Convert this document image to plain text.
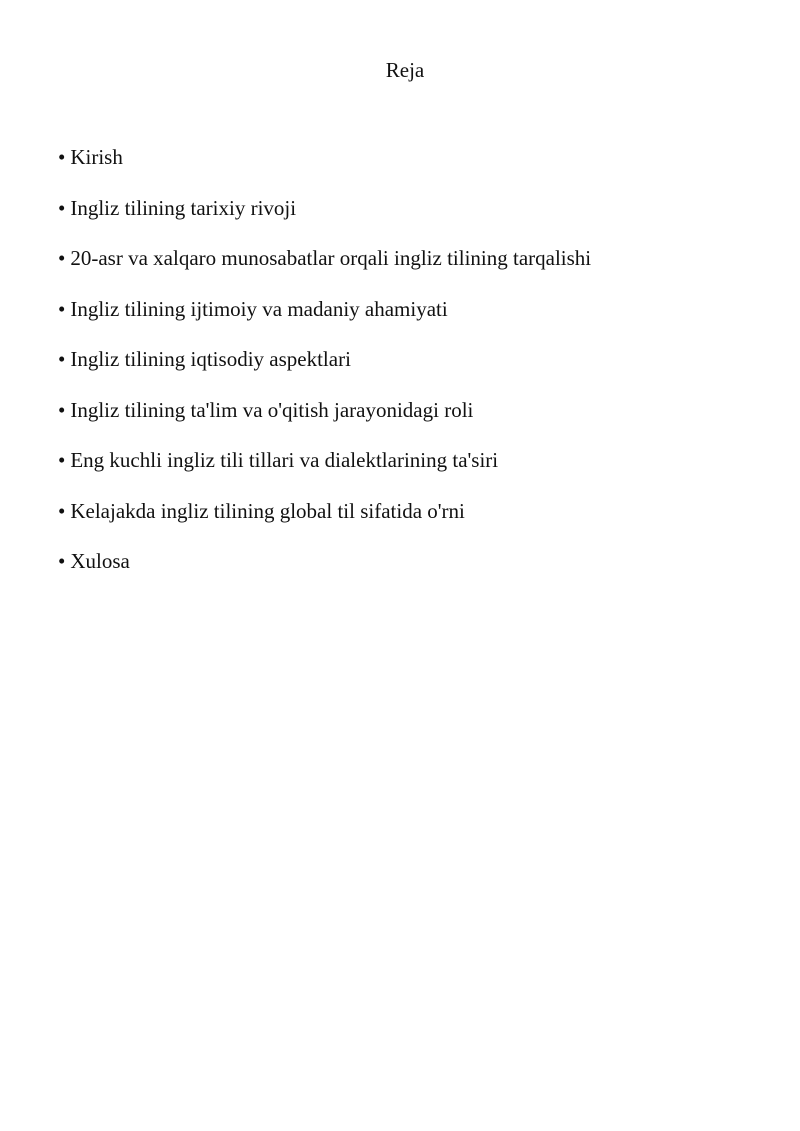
Reja
• Kirish
• Ingliz tilining tarixiy rivoji
• 20-asr va xalqaro munosabatlar orqali ingliz tilining tarqalishi
• Ingliz tilining ijtimoiy va madaniy ahamiyati
• Ingliz tilining iqtisodiy aspektlari
• Ingliz tilining ta'lim va o'qitish jarayonidagi roli
• Eng kuchli ingliz tili tillari va dialektlarining ta'siri
• Kelajakda ingliz tilining global til sifatida o'rni
• Xulosa
